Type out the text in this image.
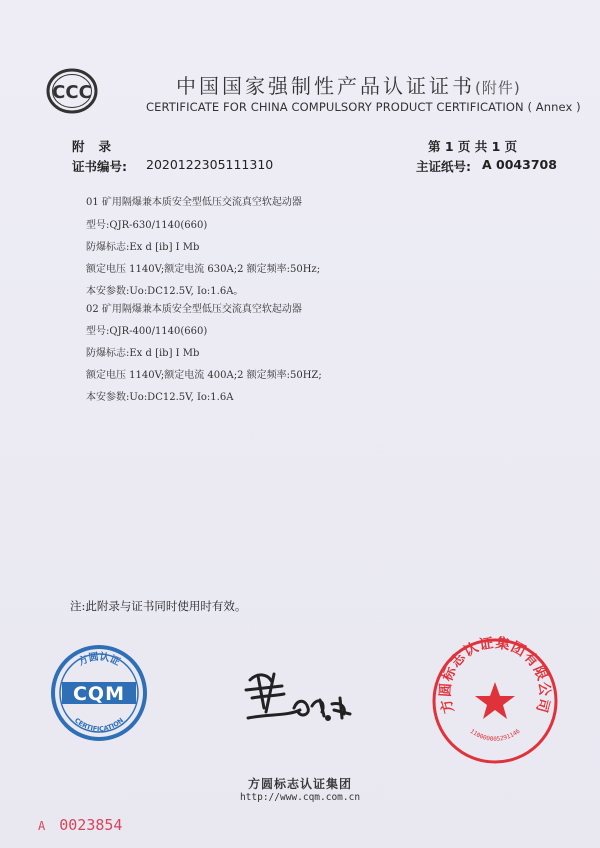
CCC	中国国家强制性产品认证证书(附件)
CERTIFICATE FOR CHINA COMPULSORY PRODUCT CERTIFICATION ( Annex )
附录	第 1 页 共 1 页
证书编号: 2020122305111310	主证纸号: A 0043708
01 矿用隔爆兼本质安全型低压交流真空软起动器
型号:QJR-630/1140(660)
防爆标志:Ex d [ib] Ⅰ Mb
额定电压 1140V;额定电流 630A;2 额定频率:50Hz;
本安参数:Uo:DC12.5V, Io:1.6A。
02 矿用隔爆兼本质安全型低压交流真空软起动器
型号:QJR-400/1140(660)
防爆标志:Ex d [ib] Ⅰ Mb
额定电压 1140V;额定电流 400A;2 额定频率:50HZ;
本安参数:Uo:DC12.5V, Io:1.6A
注:此附录与证书同时使用时有效。
方圆认证
CQM
CERTIFICATION
方圆标志认证集团有限公司
110000005291146
方圆标志认证集团
http://www.cqm.com.cn
A 0023854
